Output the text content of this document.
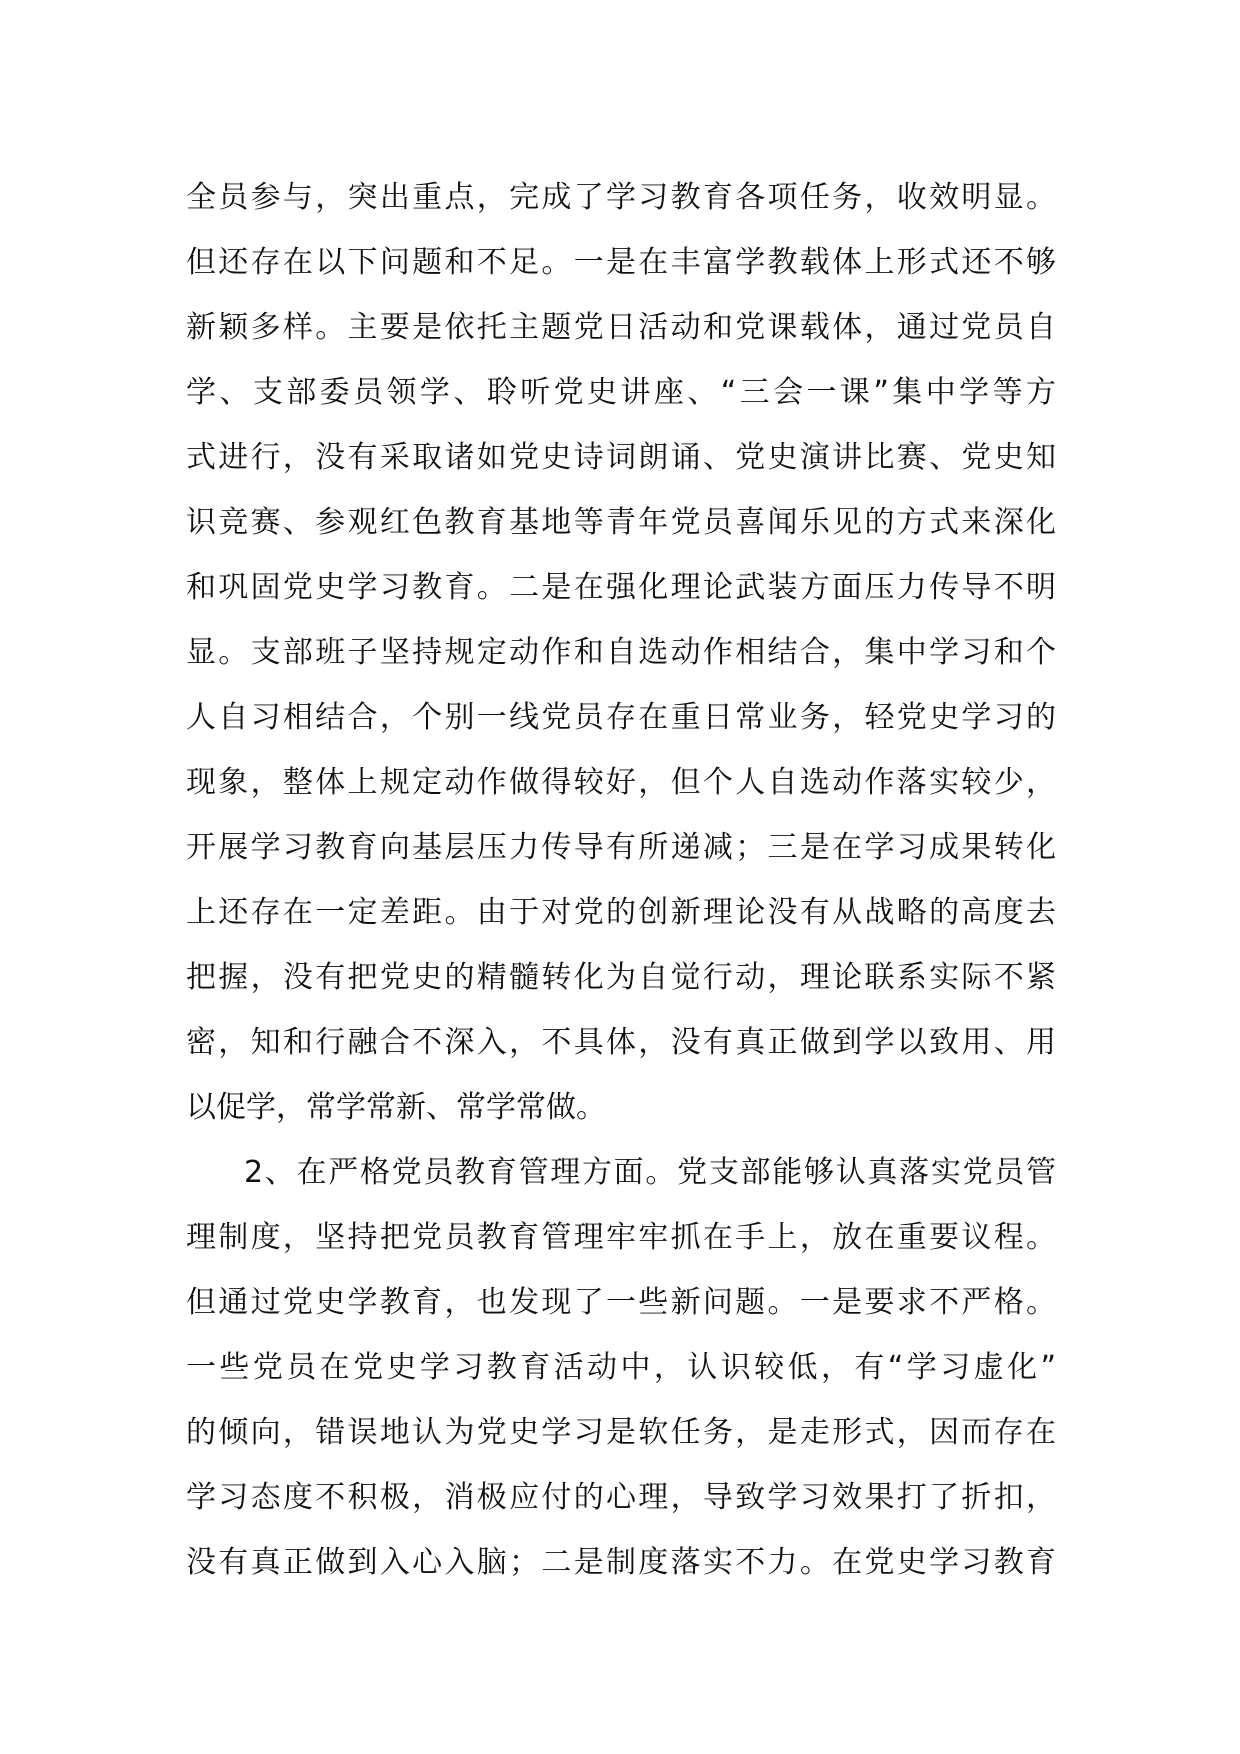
全员参与，突出重点，完成了学习教育各项任务，收效明显。
但还存在以下问题和不足。一是在丰富学教载体上形式还不够
新颖多样。主要是依托主题党日活动和党课载体，通过党员自
学、支部委员领学、聆听党史讲座、“三会一课”集中学等方
式进行，没有采取诸如党史诗词朗诵、党史演讲比赛、党史知
识竞赛、参观红色教育基地等青年党员喜闻乐见的方式来深化
和巩固党史学习教育。二是在强化理论武装方面压力传导不明
显。支部班子坚持规定动作和自选动作相结合，集中学习和个
人自习相结合，个别一线党员存在重日常业务，轻党史学习的
现象，整体上规定动作做得较好，但个人自选动作落实较少，
开展学习教育向基层压力传导有所递减；三是在学习成果转化
上还存在一定差距。由于对党的创新理论没有从战略的高度去
把握，没有把党史的精髓转化为自觉行动，理论联系实际不紧
密，知和行融合不深入，不具体，没有真正做到学以致用、用
以促学，常学常新、常学常做。
2、在严格党员教育管理方面。党支部能够认真落实党员管
理制度，坚持把党员教育管理牢牢抓在手上，放在重要议程。
但通过党史学教育，也发现了一些新问题。一是要求不严格。
一些党员在党史学习教育活动中，认识较低，有“学习虚化”
的倾向，错误地认为党史学习是软任务，是走形式，因而存在
学习态度不积极，消极应付的心理，导致学习效果打了折扣，
没有真正做到入心入脑；二是制度落实不力。在党史学习教育
